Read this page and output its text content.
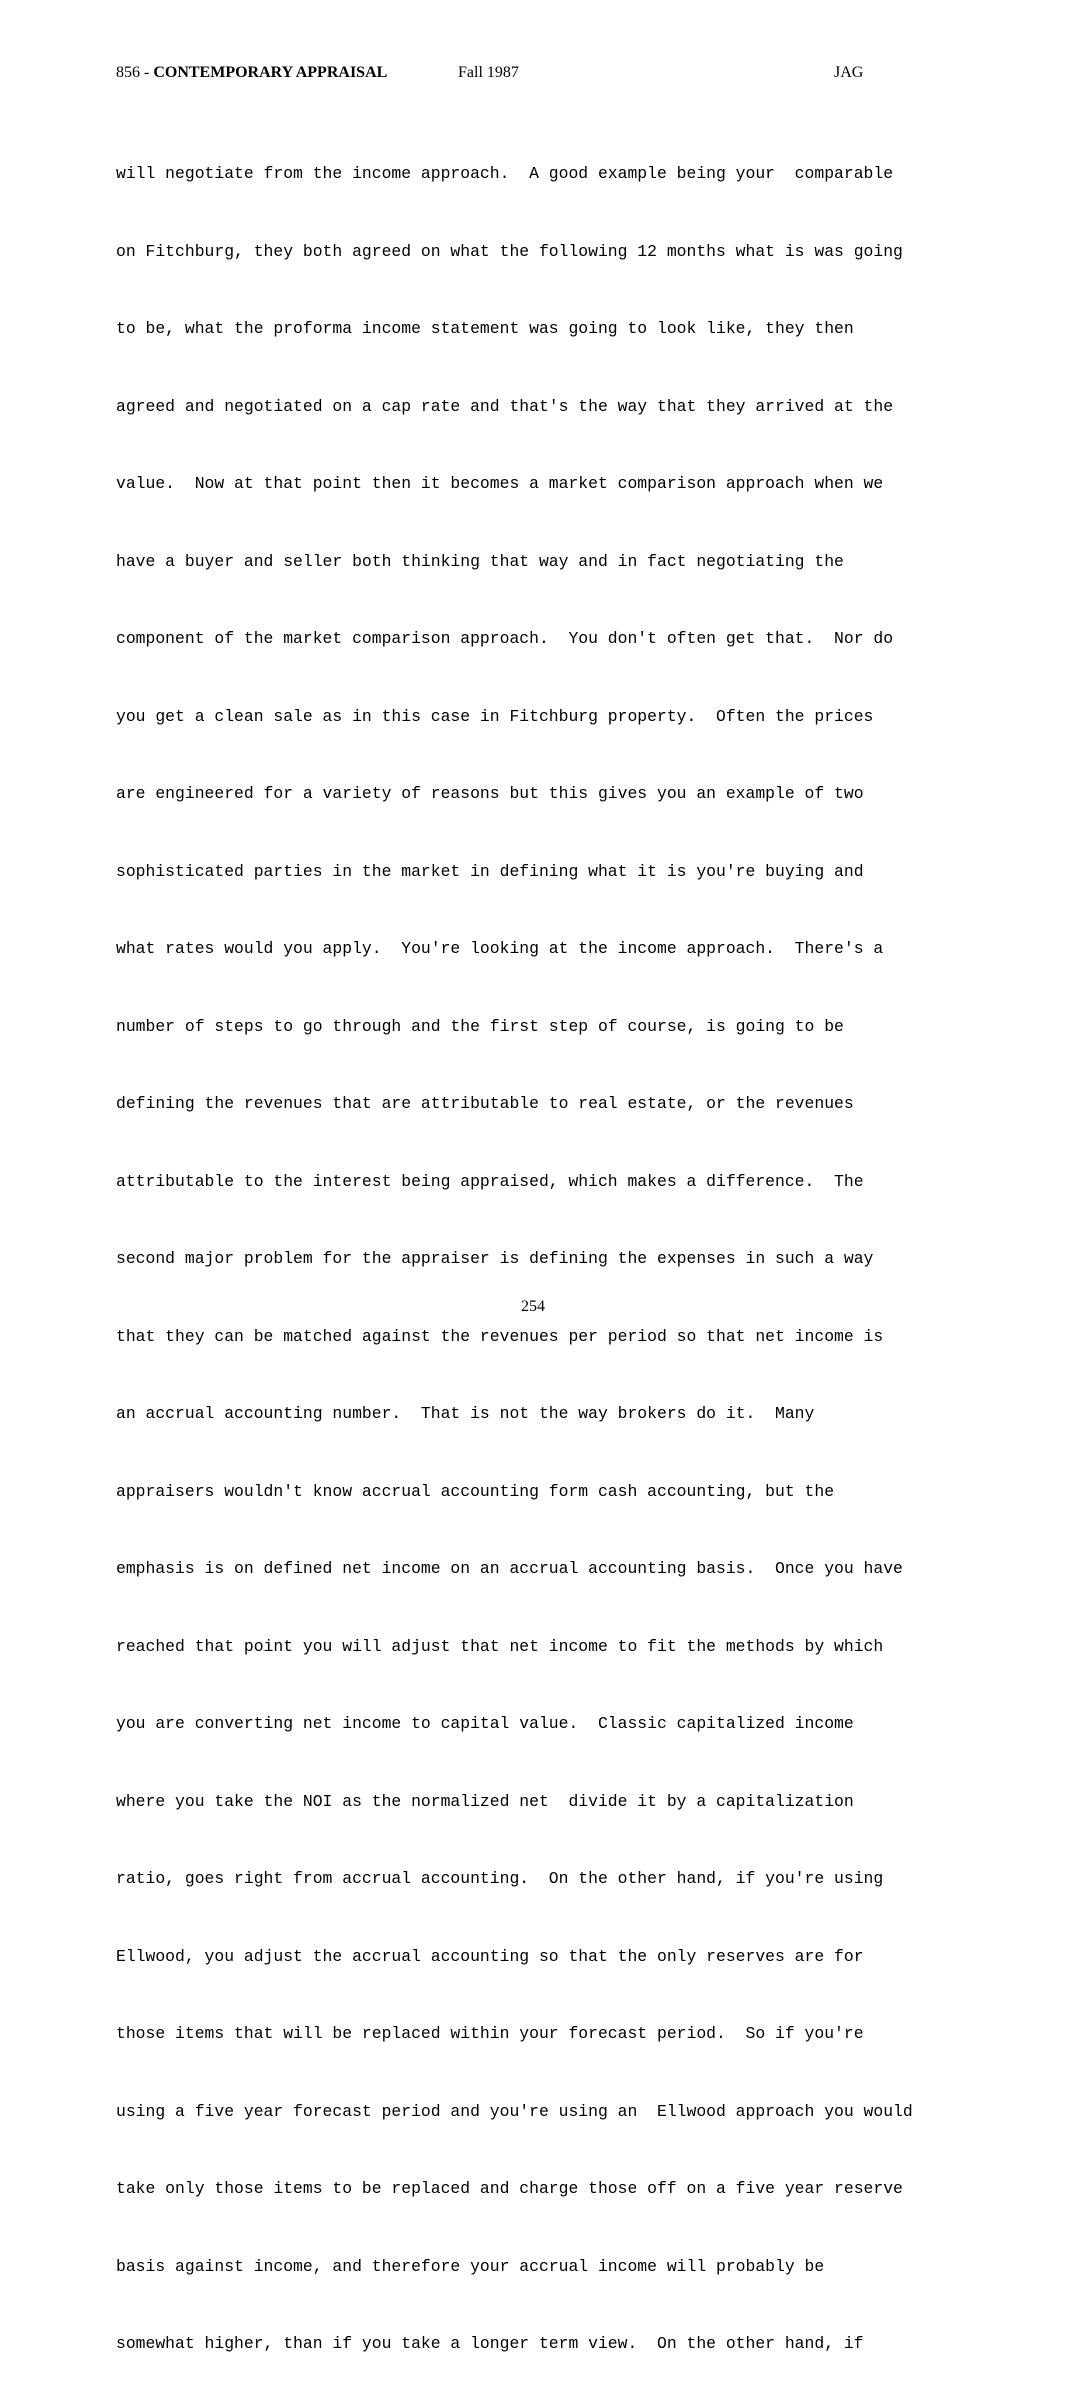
856 - CONTEMPORARY APPRAISAL	Fall 1987	JAG

will negotiate from the income approach.  A good example being your  comparable

on Fitchburg, they both agreed on what the following 12 months what is was going

to be, what the proforma income statement was going to look like, they then

agreed and negotiated on a cap rate and that's the way that they arrived at the

value.  Now at that point then it becomes a market comparison approach when we

have a buyer and seller both thinking that way and in fact negotiating the

component of the market comparison approach.  You don't often get that.  Nor do

you get a clean sale as in this case in Fitchburg property.  Often the prices

are engineered for a variety of reasons but this gives you an example of two

sophisticated parties in the market in defining what it is you're buying and

what rates would you apply.  You're looking at the income approach.  There's a

number of steps to go through and the first step of course, is going to be

defining the revenues that are attributable to real estate, or the revenues

attributable to the interest being appraised, which makes a difference.  The

second major problem for the appraiser is defining the expenses in such a way

that they can be matched against the revenues per period so that net income is

an accrual accounting number.  That is not the way brokers do it.  Many

appraisers wouldn't know accrual accounting form cash accounting, but the

emphasis is on defined net income on an accrual accounting basis.  Once you have

reached that point you will adjust that net income to fit the methods by which

you are converting net income to capital value.  Classic capitalized income

where you take the NOI as the normalized net  divide it by a capitalization

ratio, goes right from accrual accounting.  On the other hand, if you're using

Ellwood, you adjust the accrual accounting so that the only reserves are for

those items that will be replaced within your forecast period.  So if you're

using a five year forecast period and you're using an  Ellwood approach you would

take only those items to be replaced and charge those off on a five year reserve

basis against income, and therefore your accrual income will probably be

somewhat higher, than if you take a longer term view.  On the other hand, if

254
